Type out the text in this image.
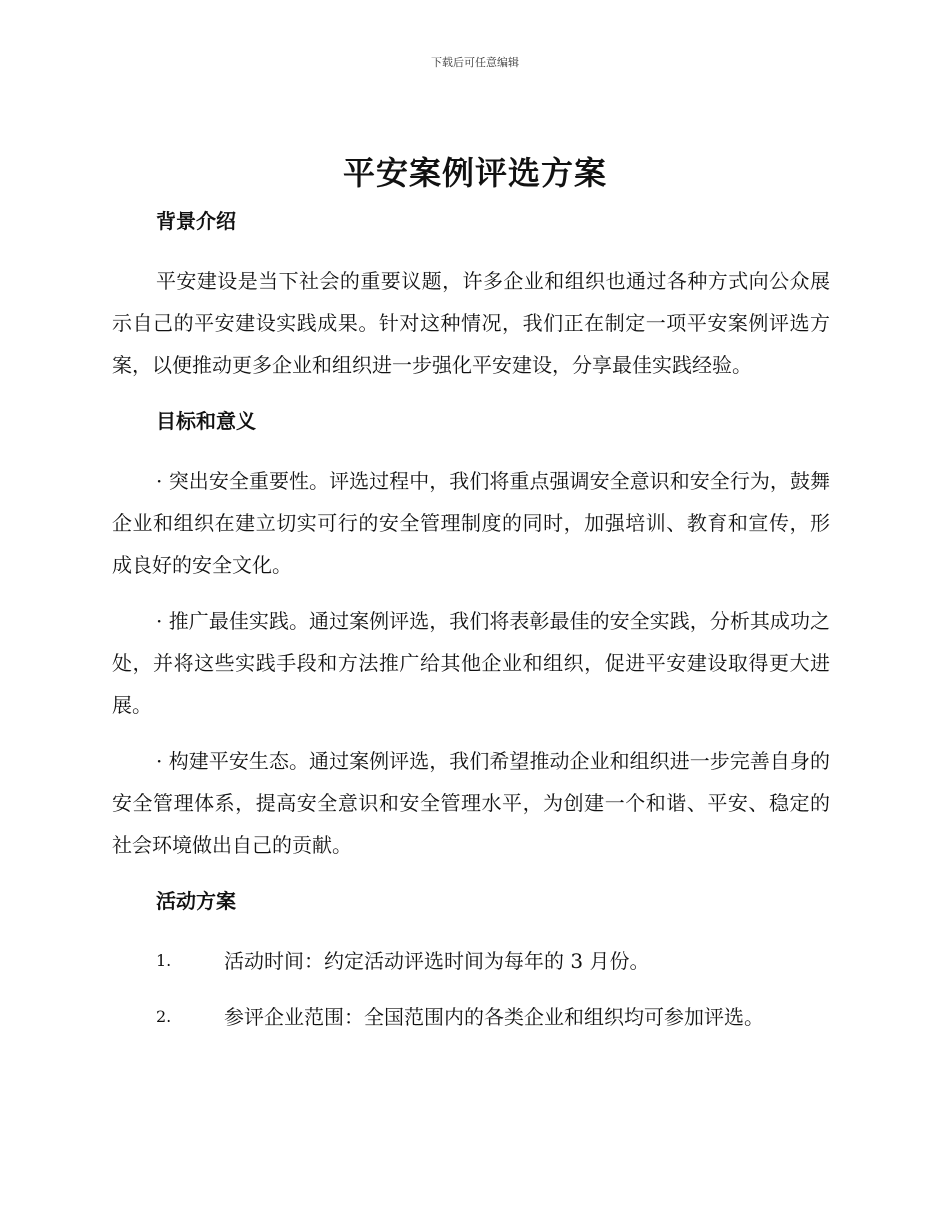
下载后可任意编辑
平安案例评选方案
背景介绍

平安建设是当下社会的重要议题，许多企业和组织也通过各种方式向公众展示自己的平安建设实践成果。针对这种情况，我们正在制定一项平安案例评选方案，以便推动更多企业和组织进一步强化平安建设，分享最佳实践经验。

目标和意义

· 突出安全重要性。评选过程中，我们将重点强调安全意识和安全行为，鼓舞企业和组织在建立切实可行的安全管理制度的同时，加强培训、教育和宣传，形成良好的安全文化。

· 推广最佳实践。通过案例评选，我们将表彰最佳的安全实践，分析其成功之处，并将这些实践手段和方法推广给其他企业和组织，促进平安建设取得更大进展。

· 构建平安生态。通过案例评选，我们希望推动企业和组织进一步完善自身的安全管理体系，提高安全意识和安全管理水平，为创建一个和谐、平安、稳定的社会环境做出自己的贡献。

活动方案
1.	活动时间：约定活动评选时间为每年的 3 月份。
2.	参评企业范围：全国范围内的各类企业和组织均可参加评选。
